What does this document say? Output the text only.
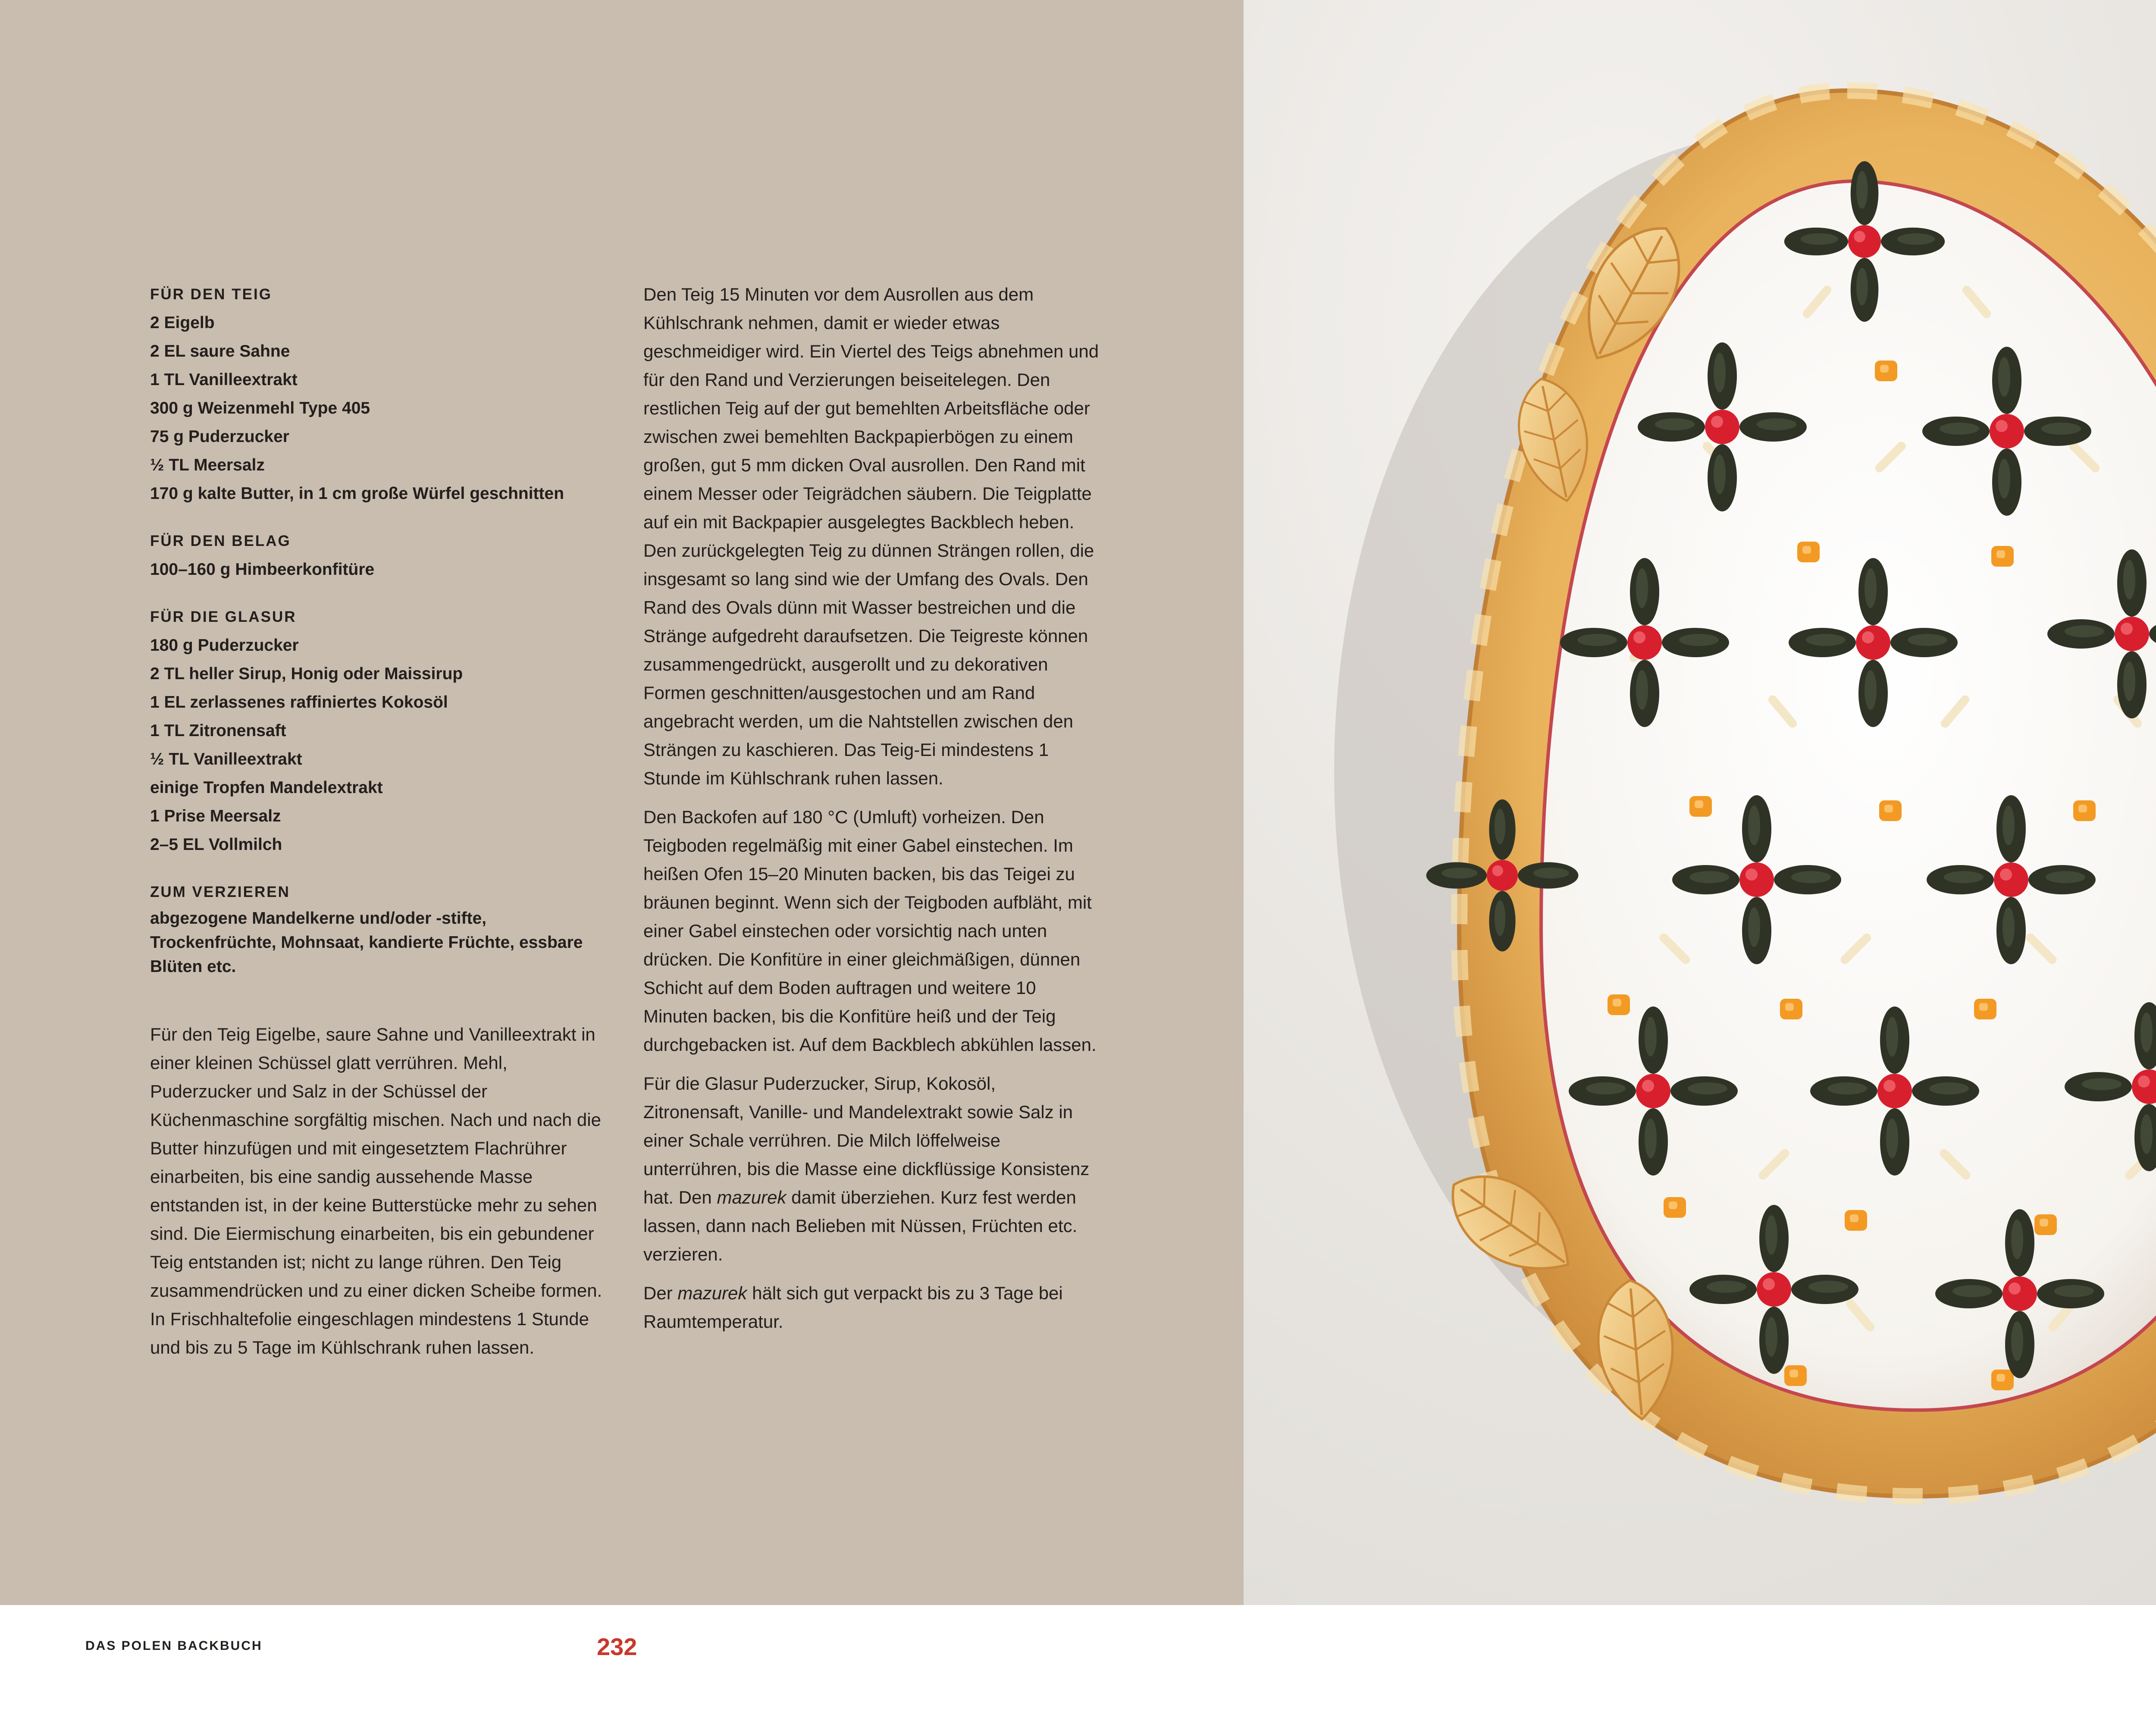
FÜR DEN TEIG
2 Eigelb
2 EL saure Sahne
1 TL Vanilleextrakt
300 g Weizenmehl Type 405
75 g Puderzucker
½ TL Meersalz
170 g kalte Butter, in 1 cm große Würfel geschnitten
FÜR DEN BELAG
100–160 g Himbeerkonfitüre
FÜR DIE GLASUR
180 g Puderzucker
2 TL heller Sirup, Honig oder Maissirup
1 EL zerlassenes raffiniertes Kokosöl
1 TL Zitronensaft
½ TL Vanilleextrakt
einige Tropfen Mandelextrakt
1 Prise Meersalz
2–5 EL Vollmilch
ZUM VERZIEREN

abgezogene Mandelkerne und/oder -stifte, Trockenfrüchte, Mohnsaat, kandierte Früchte, essbare Blüten etc.

Für den Teig Eigelbe, saure Sahne und Vanilleextrakt in einer kleinen Schüssel glatt verrühren. Mehl, Puderzucker und Salz in der Schüssel der Küchenmaschine sorgfältig mischen. Nach und nach die Butter hinzufügen und mit eingesetztem Flachrührer einarbeiten, bis eine sandig aussehende Masse entstanden ist, in der keine Butterstücke mehr zu sehen sind. Die Eiermischung einarbeiten, bis ein gebundener Teig entstanden ist; nicht zu lange rühren. Den Teig zusammendrücken und zu einer dicken Scheibe formen. In Frischhaltefolie eingeschlagen mindestens 1 Stunde und bis zu 5 Tage im Kühlschrank ruhen lassen.

Den Teig 15 Minuten vor dem Ausrollen aus dem Kühlschrank nehmen, damit er wieder etwas geschmeidiger wird. Ein Viertel des Teigs abnehmen und für den Rand und Verzierungen beiseitelegen. Den restlichen Teig auf der gut bemehlten Arbeitsfläche oder zwischen zwei bemehlten Backpapierbögen zu einem großen, gut 5 mm dicken Oval ausrollen. Den Rand mit einem Messer oder Teigrädchen säubern. Die Teigplatte auf ein mit Backpapier ausgelegtes Backblech heben. Den zurückgelegten Teig zu dünnen Strängen rollen, die insgesamt so lang sind wie der Umfang des Ovals. Den Rand des Ovals dünn mit Wasser bestreichen und die Stränge aufgedreht daraufsetzen. Die Teigreste können zusammengedrückt, ausgerollt und zu dekorativen Formen geschnitten/ausgestochen und am Rand angebracht werden, um die Nahtstellen zwischen den Strängen zu kaschieren. Das Teig-Ei mindestens 1 Stunde im Kühlschrank ruhen lassen.

Den Backofen auf 180 °C (Umluft) vorheizen. Den Teigboden regelmäßig mit einer Gabel einstechen. Im heißen Ofen 15–20 Minuten backen, bis das Teigei zu bräunen beginnt. Wenn sich der Teigboden aufbläht, mit einer Gabel einstechen oder vorsichtig nach unten drücken. Die Konfitüre in einer gleichmäßigen, dünnen Schicht auf dem Boden auftragen und weitere 10 Minuten backen, bis die Konfitüre heiß und der Teig durchgebacken ist. Auf dem Backblech abkühlen lassen.

Für die Glasur Puderzucker, Sirup, Kokosöl, Zitronensaft, Vanille- und Mandelextrakt sowie Salz in einer Schale verrühren. Die Milch löffelweise unterrühren, bis die Masse eine dickflüssige Konsistenz hat. Den mazurek damit überziehen. Kurz fest werden lassen, dann nach Belieben mit Nüssen, Früchten etc. verzieren.

Der mazurek hält sich gut verpackt bis zu 3 Tage bei Raumtemperatur.

DAS POLEN BACKBUCH	232
